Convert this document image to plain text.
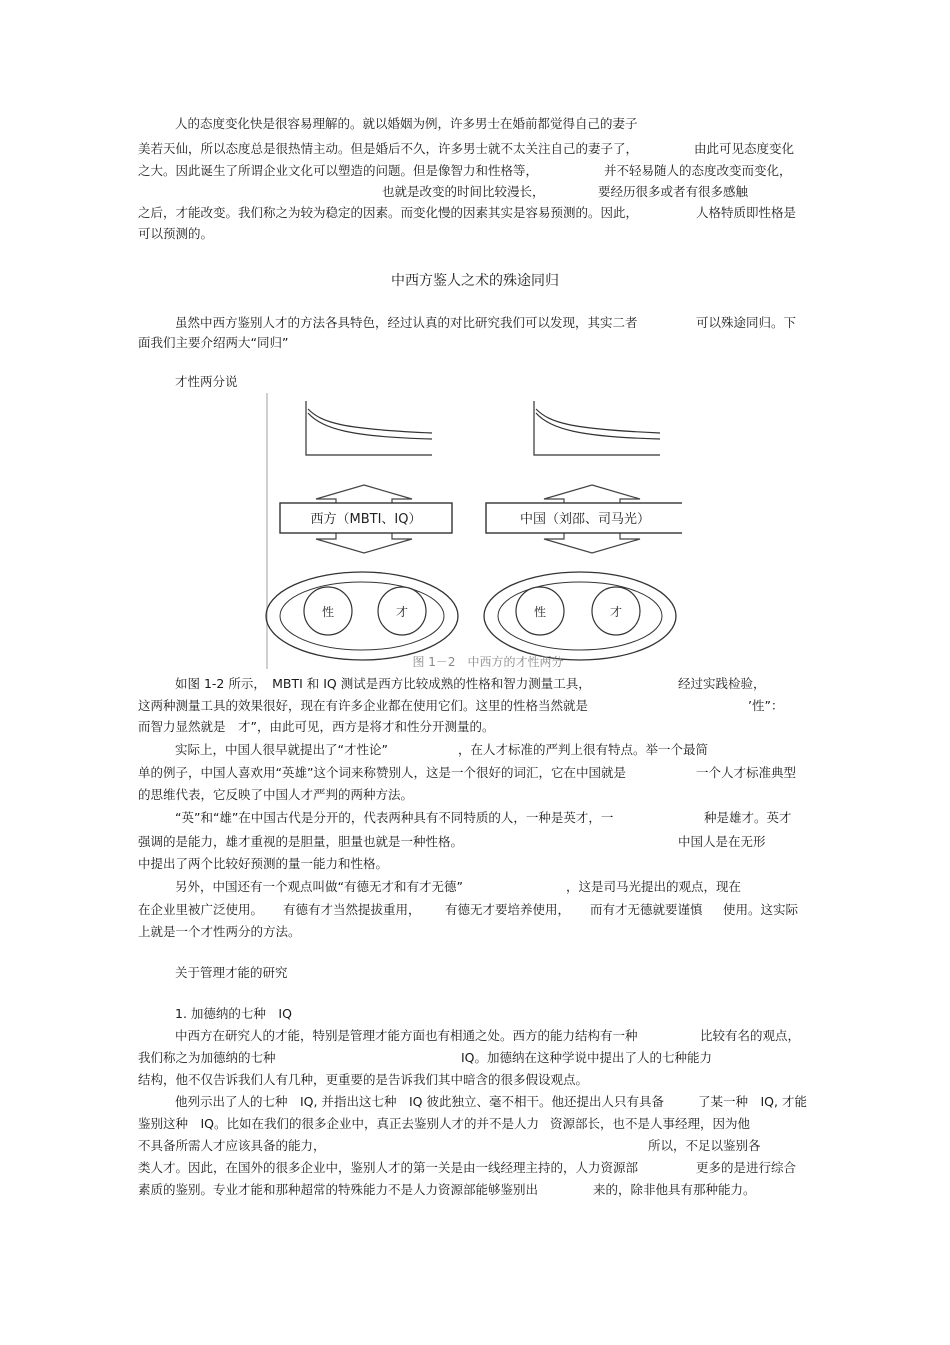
人的态度变化快是很容易理解的。就以婚姻为例，许多男士在婚前都觉得自己的妻子
美若天仙，所以态度总是很热情主动。但是婚后不久，许多男士就不太关注自己的妻子了，	由此可见态度变化
之大。因此诞生了所谓企业文化可以塑造的问题。但是像智力和性格等，	并不轻易随人的态度改变而变化，
也就是改变的时间比较漫长，	要经历很多或者有很多感触
之后，才能改变。我们称之为较为稳定的因素。而变化慢的因素其实是容易预测的。因此，	人格特质即性格是
可以预测的。
中西方鉴人之术的殊途同归
虽然中西方鉴别人才的方法各具特色，经过认真的对比研究我们可以发现，其实二者	可以殊途同归。下
面我们主要介绍两大“同归”
才性两分说
西方（MBTI、IQ）	中国（刘邵、司马光）
性	才	性	才
图 1－2　中西方的才性两分
如图 1-2 所示，　MBTI 和 IQ 测试是西方比较成熟的性格和智力测量工具，	经过实践检验，
这两种测量工具的效果很好，现在有许多企业都在使用它们。这里的性格当然就是	’性”：
而智力显然就是　才”，由此可见，西方是将才和性分开测量的。
实际上，中国人很早就提出了“才性论”	，在人才标准的严判上很有特点。举一个最简
单的例子，中国人喜欢用“英雄”这个词来称赞别人，这是一个很好的词汇，它在中国就是	一个人才标准典型
的思维代表，它反映了中国人才严判的两种方法。
“英”和“雄”在中国古代是分开的，代表两种具有不同特质的人，一种是英才，一	种是雄才。英才
强调的是能力，雄才重视的是胆量，胆量也就是一种性格。	中国人是在无形
中提出了两个比较好预测的量一能力和性格。
另外，中国还有一个观点叫做“有德无才和有才无德”	，这是司马光提出的观点，现在
在企业里被广泛使用。 有德有才当然提拔重用， 有德无才要培养使用， 而有才无德就要谨慎 使用。这实际
上就是一个才性两分的方法。
关于管理才能的研究
1. 加德纳的七种　IQ
中西方在研究人的才能，特别是管理才能方面也有相通之处。西方的能力结构有一种	比较有名的观点，
我们称之为加德纳的七种	IQ。加德纳在这种学说中提出了人的七种能力
结构，他不仅告诉我们人有几种，更重要的是告诉我们其中暗含的很多假设观点。
他列示出了人的七种　IQ, 并指出这七种　IQ 彼此独立、毫不相干。他还提出人只有具备	了某一种　IQ, 才能
鉴别这种　IQ。比如在我们的很多企业中，真正去鉴别人才的并不是人力 资源部长，也不是人事经理，因为他
不具备所需人才应该具备的能力，	所以，不足以鉴别各
类人才。因此，在国外的很多企业中，鉴别人才的第一关是由一线经理主持的，人力资源部	更多的是进行综合
素质的鉴别。专业才能和那种超常的特殊能力不是人力资源部能够鉴别出	来的，除非他具有那种能力。
